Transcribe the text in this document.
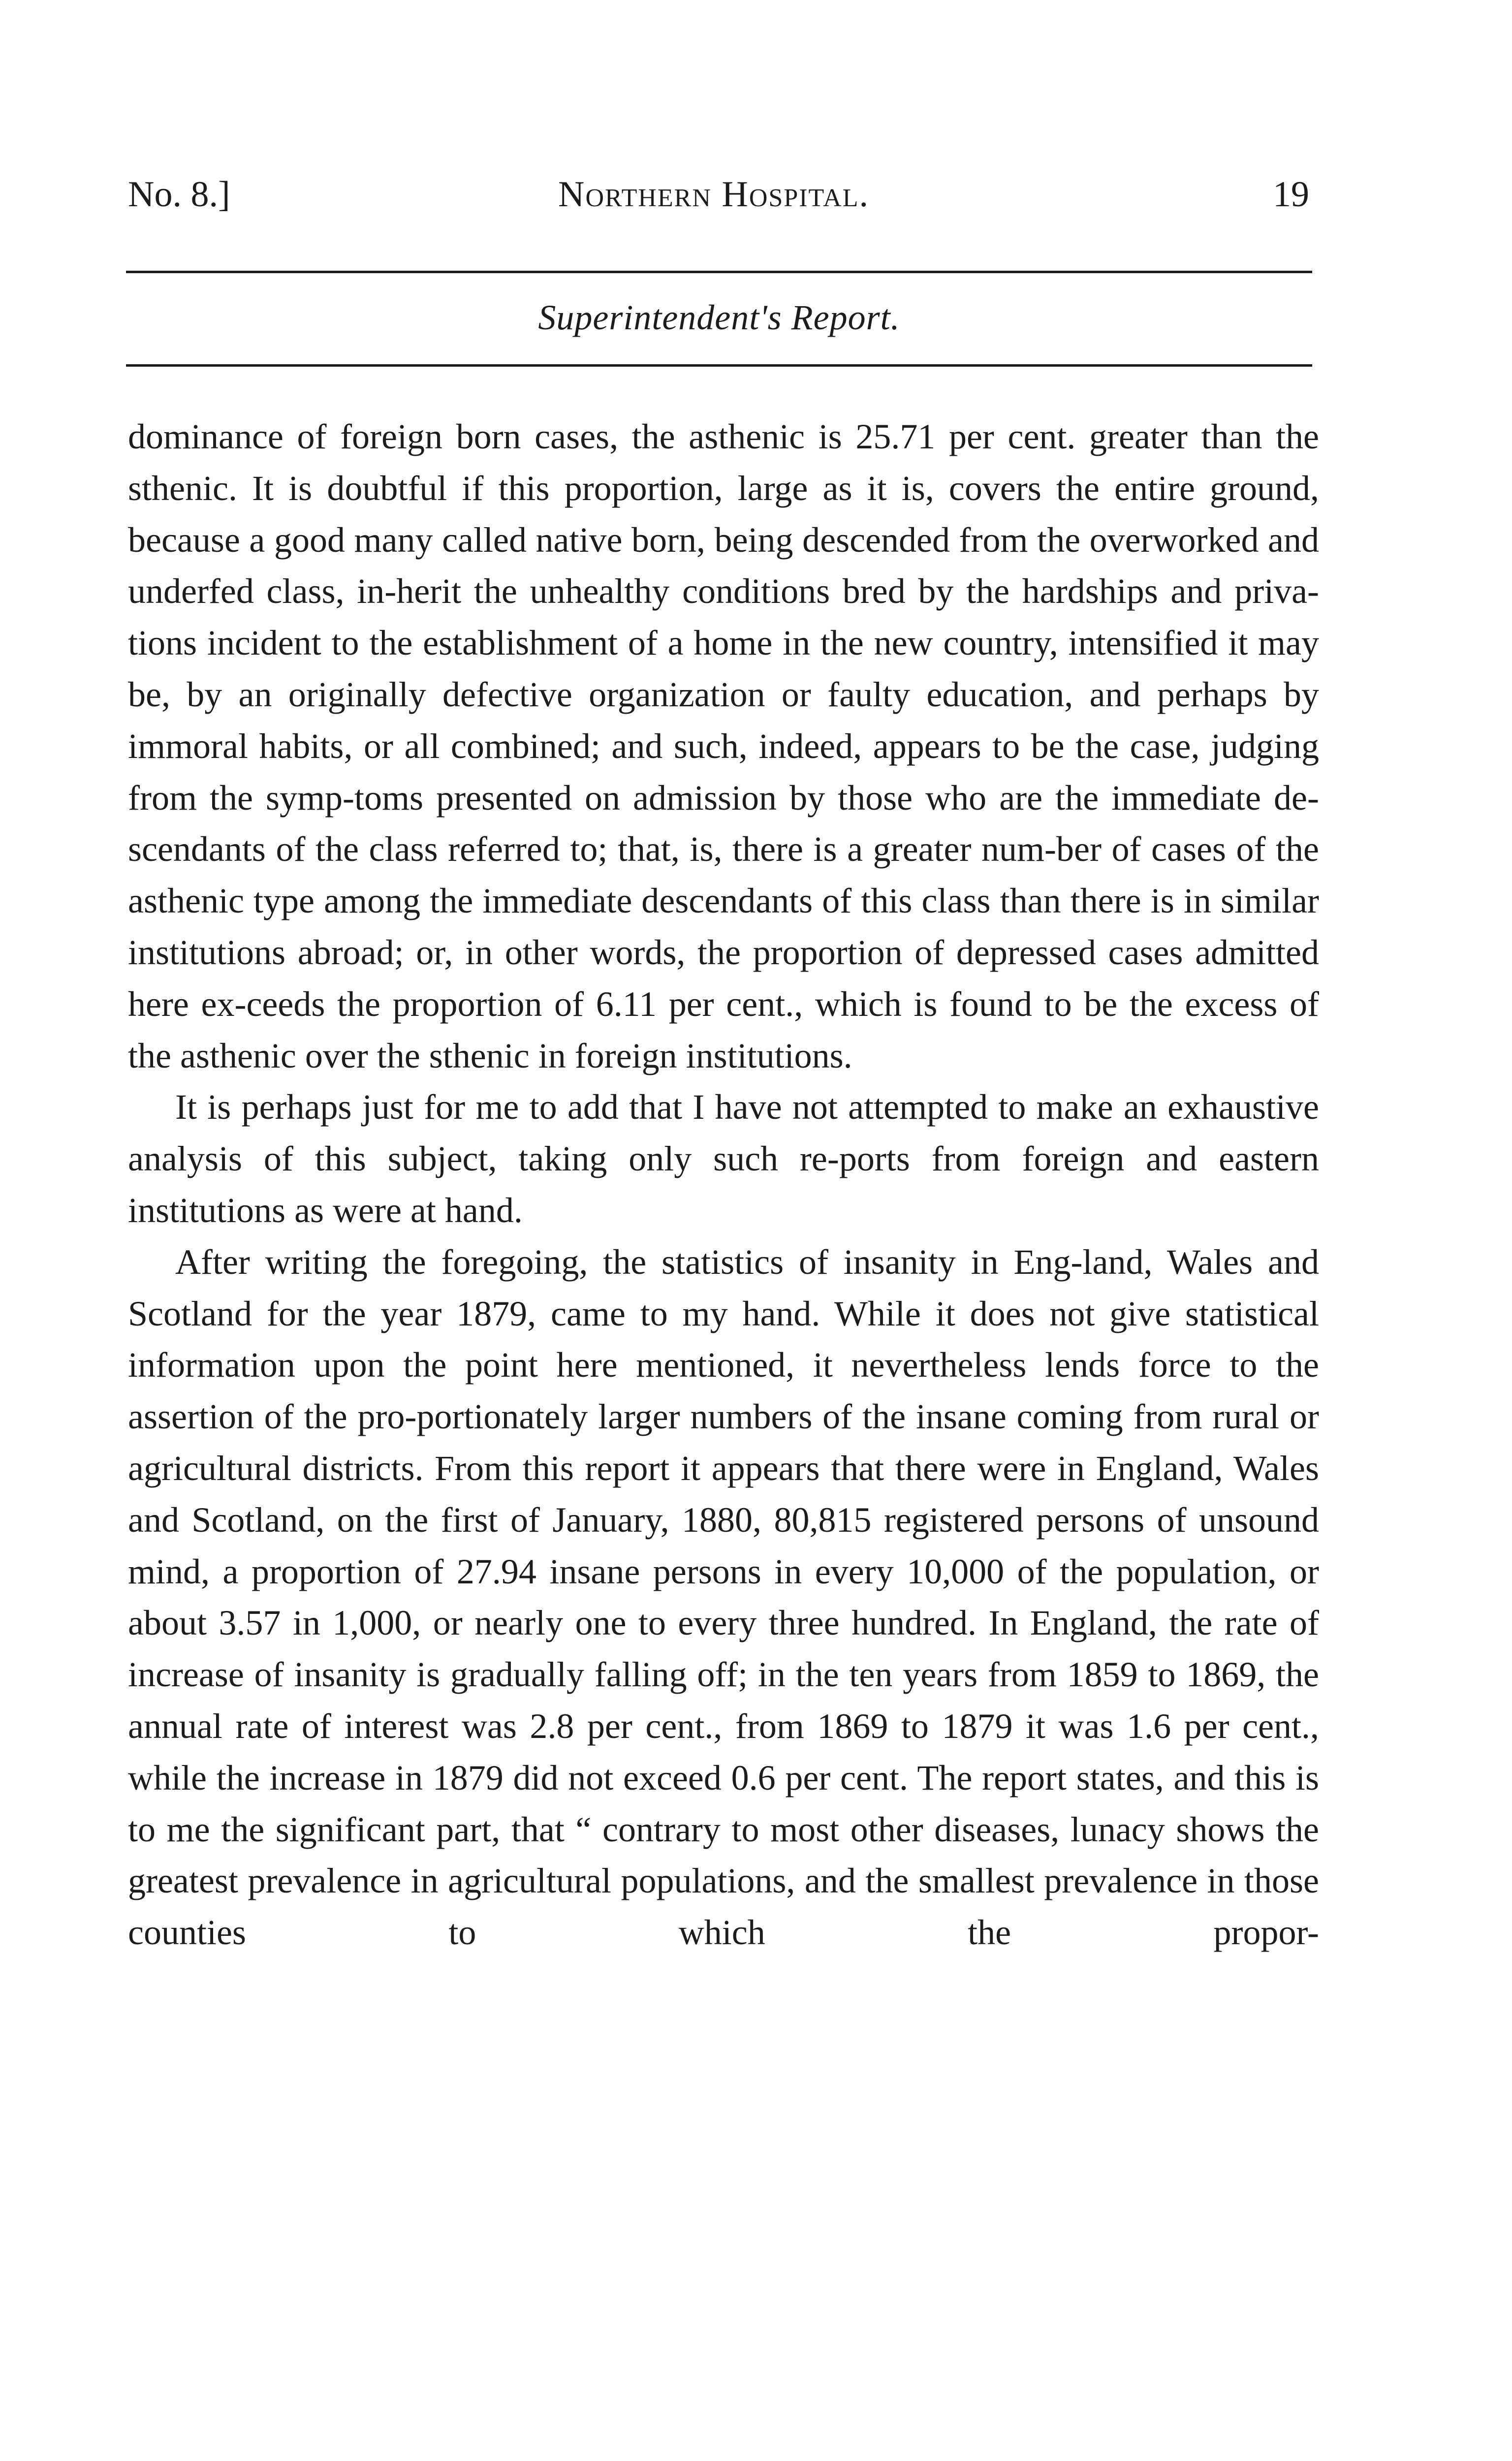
No. 8.]	Northern Hospital.	19
Superintendent's Report.

dominance of foreign born cases, the asthenic is 25.71 per cent. greater than the sthenic. It is doubtful if this proportion, large as it is, covers the entire ground, because a good many called native born, being descended from the overworked and underfed class, in-herit the unhealthy conditions bred by the hardships and priva-tions incident to the establishment of a home in the new country, intensified it may be, by an originally defective organization or faulty education, and perhaps by immoral habits, or all combined; and such, indeed, appears to be the case, judging from the symp-toms presented on admission by those who are the immediate de-scendants of the class referred to; that, is, there is a greater num-ber of cases of the asthenic type among the immediate descendants of this class than there is in similar institutions abroad; or, in other words, the proportion of depressed cases admitted here ex-ceeds the proportion of 6.11 per cent., which is found to be the excess of the asthenic over the sthenic in foreign institutions.

It is perhaps just for me to add that I have not attempted to make an exhaustive analysis of this subject, taking only such re-ports from foreign and eastern institutions as were at hand.

After writing the foregoing, the statistics of insanity in Eng-land, Wales and Scotland for the year 1879, came to my hand. While it does not give statistical information upon the point here mentioned, it nevertheless lends force to the assertion of the pro-portionately larger numbers of the insane coming from rural or agricultural districts. From this report it appears that there were in England, Wales and Scotland, on the first of January, 1880, 80,815 registered persons of unsound mind, a proportion of 27.94 insane persons in every 10,000 of the population, or about 3.57 in 1,000, or nearly one to every three hundred. In England, the rate of increase of insanity is gradually falling off; in the ten years from 1859 to 1869, the annual rate of interest was 2.8 per cent., from 1869 to 1879 it was 1.6 per cent., while the increase in 1879 did not exceed 0.6 per cent. The report states, and this is to me the significant part, that “ contrary to most other diseases, lunacy shows the greatest prevalence in agricultural populations, and the smallest prevalence in those counties to which the propor-
